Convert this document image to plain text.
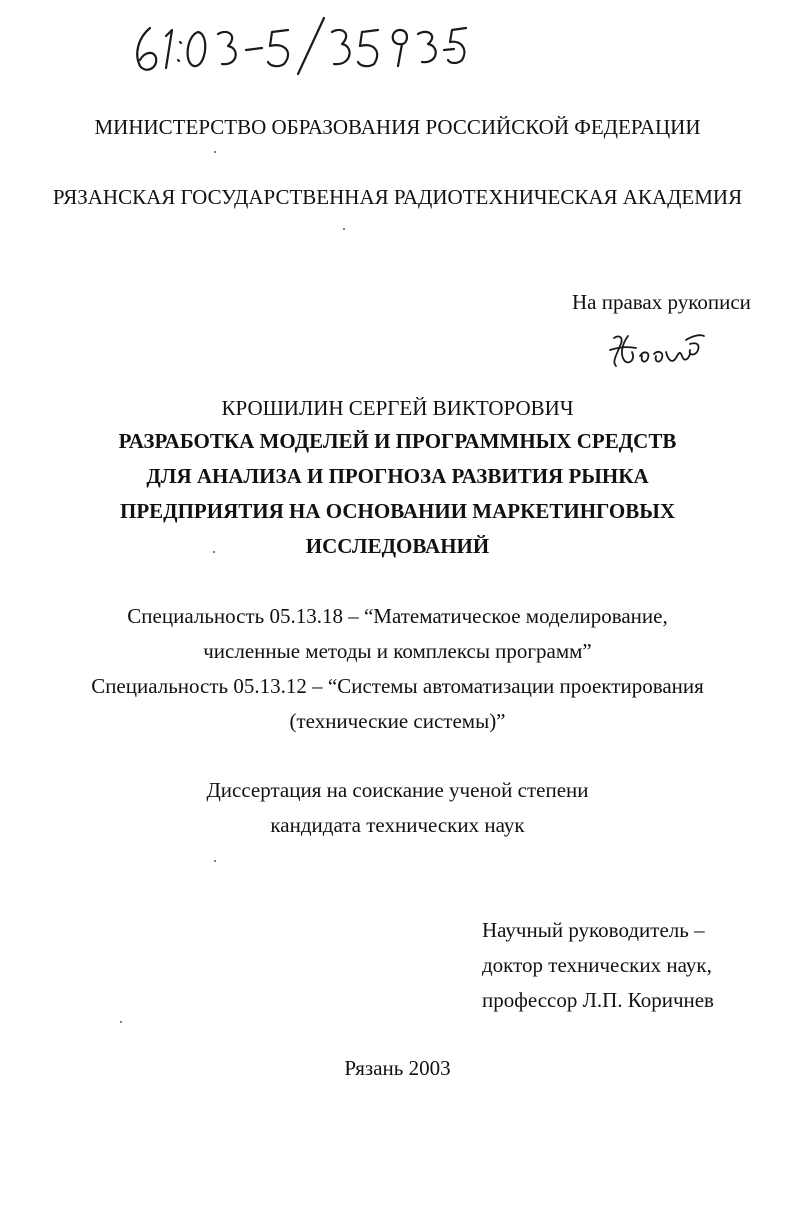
МИНИСТЕРСТВО ОБРАЗОВАНИЯ РОССИЙСКОЙ ФЕДЕРАЦИИ
РЯЗАНСКАЯ ГОСУДАРСТВЕННАЯ РАДИОТЕХНИЧЕСКАЯ АКАДЕМИЯ
На правах рукописи
КРОШИЛИН СЕРГЕЙ ВИКТОРОВИЧ
РАЗРАБОТКА МОДЕЛЕЙ И ПРОГРАММНЫХ СРЕДСТВ
ДЛЯ АНАЛИЗА И ПРОГНОЗА РАЗВИТИЯ РЫНКА
ПРЕДПРИЯТИЯ НА ОСНОВАНИИ МАРКЕТИНГОВЫХ
ИССЛЕДОВАНИЙ
Специальность 05.13.18 – “Математическое моделирование,
численные методы и комплексы программ”
Специальность 05.13.12 – “Системы автоматизации проектирования
(технические системы)”
Диссертация на соискание ученой степени
кандидата технических наук
Научный руководитель –
доктор технических наук,
профессор Л.П. Коричнев
Рязань 2003
